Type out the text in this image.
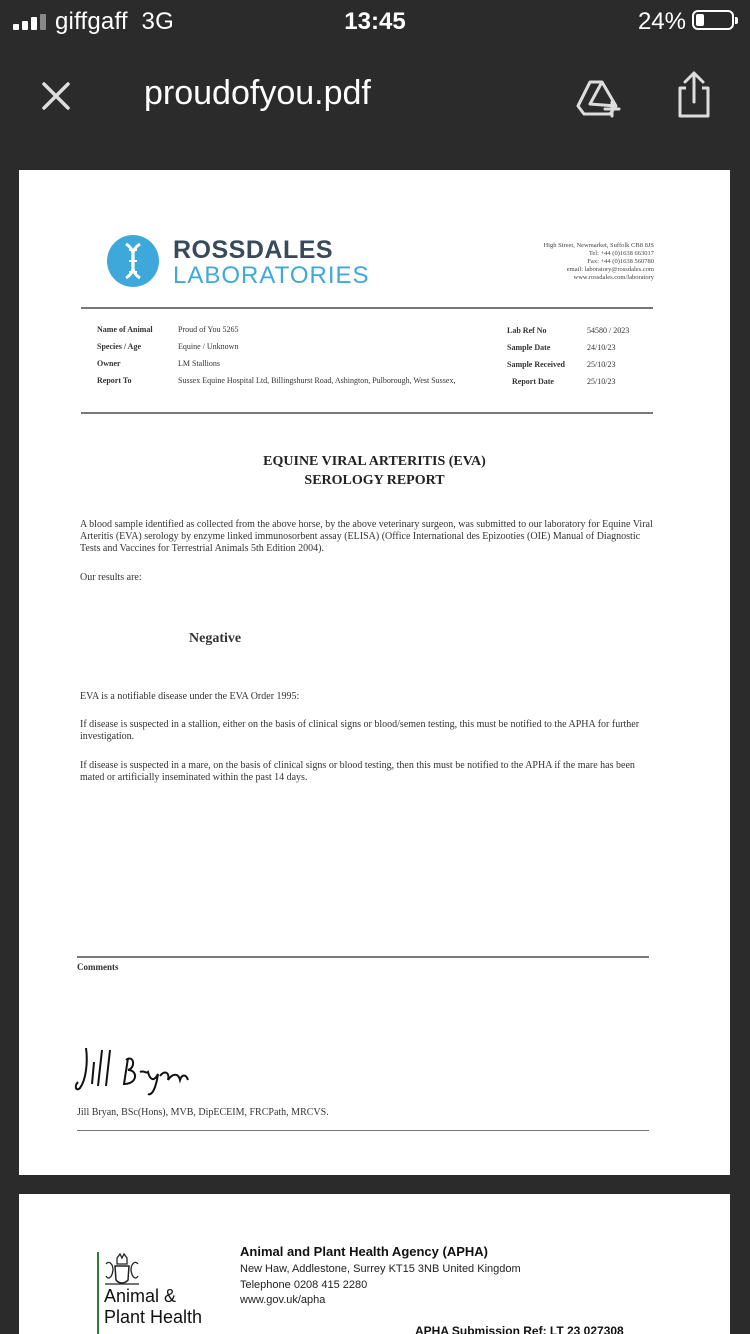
giffgaff 3G	13:45	24%
proudofyou.pdf
ROSSDALES
LABORATORIES
High Street, Newmarket, Suffolk CB8 8JS
Tel: +44 (0)1638 663017
Fax: +44 (0)1638 560780
email: laboratory@rossdales.com
www.rossdales.com/laboratory
Name of Animal	Proud of You 5265
Species / Age	Equine / Unknown
Owner	LM Stallions
Report To	Sussex Equine Hospital Ltd, Billingshurst Road, Ashington, Pulborough, West Sussex,
Lab Ref No	54580 / 2023
Sample Date	24/10/23
Sample Received	25/10/23
Report Date	25/10/23
EQUINE VIRAL ARTERITIS (EVA)
SEROLOGY REPORT
A blood sample identified as collected from the above horse, by the above veterinary surgeon, was submitted to our laboratory for Equine Viral Arteritis (EVA) serology by enzyme linked immunosorbent assay (ELISA) (Office International des Epizooties (OIE) Manual of Diagnostic Tests and Vaccines for Terrestrial Animals 5th Edition 2004).
Our results are:
Negative
EVA is a notifiable disease under the EVA Order 1995:
If disease is suspected in a stallion, either on the basis of clinical signs or blood/semen testing, this must be notified to the APHA for further investigation.
If disease is suspected in a mare, on the basis of clinical signs or blood testing, then this must be notified to the APHA if the mare has been mated or artificially inseminated within the past 14 days.
Comments
Jill Bryan, BSc(Hons), MVB, DipECEIM, FRCPath, MRCVS.
Animal &
Plant Health
Animal and Plant Health Agency (APHA)
New Haw, Addlestone, Surrey KT15 3NB United Kingdom
Telephone 0208 415 2280
www.gov.uk/apha
APHA Submission Ref: LT 23 027308
